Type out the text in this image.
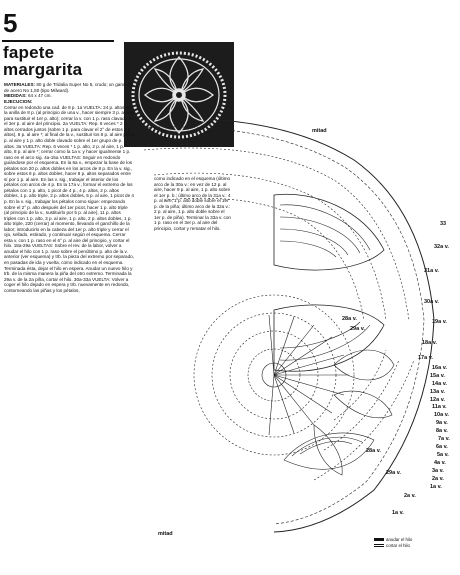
5
fapete margarita

MATERIALES: 80 g de Tridalia Super No 5, crudo; un ganchillo de acero No 1,50 (tipo Milward).

MEDIDAS: 64 x 47 cm.

EJECUCION:

Cerrar en redondo una cad. de 8 p. 1a VUELTA: 24 p. altos en la anilla de 8 p. (al principio de una v., hacer siempre 3 p. al aire para sustituir el 1er p. alto); cerrar la v. con 1 p. raso clavado en el 3er p. al aire del principio. 2a VUELTA: Rep. 6 veces * 2 p. altos cerrados juntos (sobre 1 p. para clavar el 2° de estos 2 p. altos), 8 p. al aire *; al final de la v., sustituir los 8 p. al aire por 4 p. al aire y 1 p. alto doble clavado sobre el 1er grupo de p. altos. 3a VUELTA: Rep. 6 veces * 1 p. alto, 2 p. al aire, 1 p. alto, 8 p. al aire *; cerrar como la 1a v. y hacer igualmente 1 p. raso en el arco sig. 4a-15a VUELTAS: Seguir en redondo guiándose por el esquema. En la 6a v., empezar la base de los pétalos son 20 p. altos dobles en los arcos de 8 p. En la v. sig., sobre estos 8 p. altos dobles, hacer 8 p. altos separados entre sí por 1 p. al aire. En las v. sig., trabajar el interior de los pétalos con arcos de 4 p. En la 17a v., formar el extremo de los pétalos con 1 p. alto, 1 picot de 4 p., 4 p. altos, 2 p. altos dobles, 1 p. alto triple, 2 p. altos dobles, 5 p. al aire, 1 picot de 4 p. En la v. sig., trabajar los pétalos como sigue: empezando sobre el 2° p. alto después del 1er picot, hacer 1 p. alto triple (al principio de la v., sustituirlo por 5 p. al aire), 11 p. altos triples con 1 p. alto, 3 p. al aire, 1 p. alto, 2 p. altos dobles, 1 p. alto triple, 220 (cerrar) al momento, llevando el ganchillo de la labor; introducirlo en la cabeza del 1er p. alto triple y cerrar el ojo, sellado, estirado, y continuar según el esquema. Cerrar esta v. con 1 p. raso en el 6° p. al aire del principio, y cortar el hilo. 18a-29a VUELTAS: Sobre el rev. de la labor, volver a anudar el hilo con 1 p. raso sobre el penúltimo p. alto de la v. anterior (ver esquema) y trb. la pieza del extremo por separado, en pasadas de ida y vuelta, como indicado en el esquema. Terminada ésta, dejar el hilo en espera. Anudar un nuevo hilo y trb. de la misma manera la piña del otro extremo. Terminada la 29a v. de la 2a piña, cortar el hilo. 30a-33a VUELTA: Volver a coger el hilo dejado en espera y trb. nuevamente en redondo, contorneando las piñas y los pétalos,

como indicado en el esquema (último arco de la 30a v.: en vez de 12 p. al aire, hacer 9 p. al aire, 1 p. alto sobre el 1er p. b.; último arco de la 31a v.: 4 p. al aire, 1 p. alto doble sobre el 1er p. de la piña; último arco de la 32a v.: 2 p. al aire, 1 p. alto doble sobre el 1er p. de piña). Terminar la 33a v. con 1 p. raso en el 3er p. al aire del principio, cortar y rematar el hilo.
mitad
mitad
33
32a v.
31a v.
30a v.
19a v.
18a v.
17a v.
16a v.
15a v.
14a v.
13a v.
12a v.
11a v.
10a v.
9a v.
8a v.
7a v.
6a v.
5a v.
4a v.
3a v.
2a v.
1a v.
28a v.
29a v.
29a v.
28a v.
1a v.
2a v.
anudar el hilo
cortar el hilo
